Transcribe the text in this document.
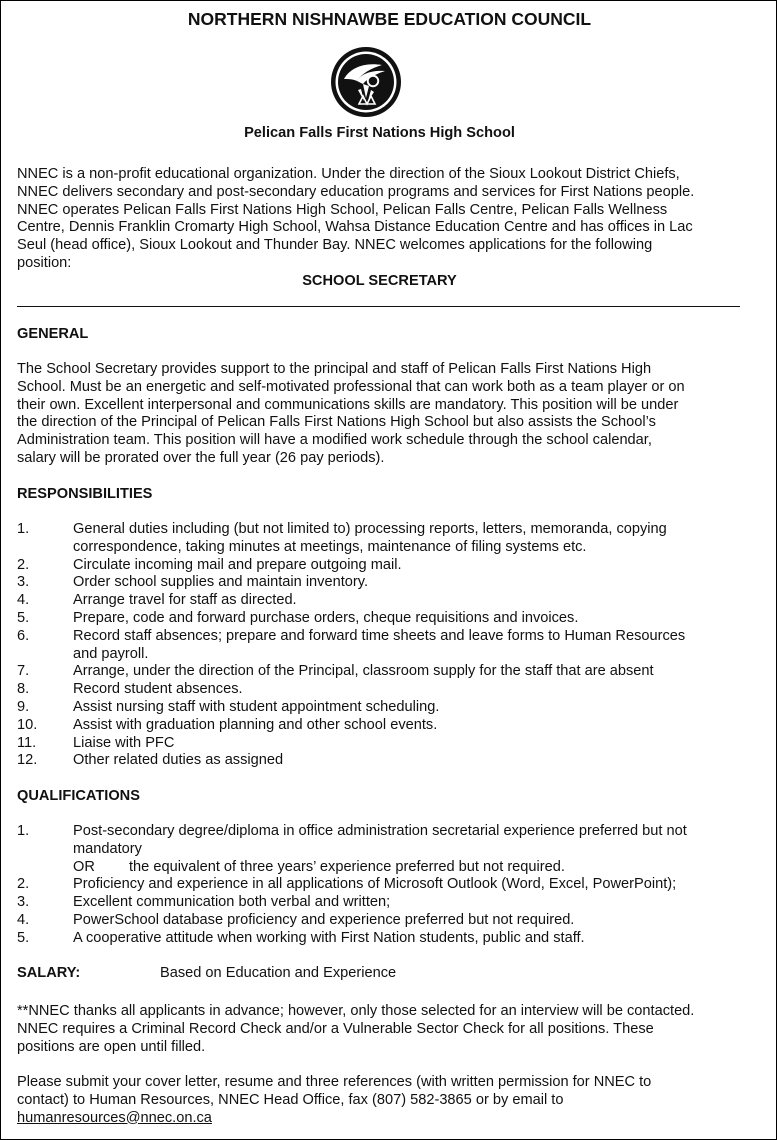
NORTHERN NISHNAWBE EDUCATION COUNCIL
Pelican Falls First Nations High School
NNEC is a non-profit educational organization. Under the direction of the Sioux Lookout District Chiefs,
NNEC delivers secondary and post-secondary education programs and services for First Nations people.
NNEC operates Pelican Falls First Nations High School, Pelican Falls Centre, Pelican Falls Wellness
Centre, Dennis Franklin Cromarty High School, Wahsa Distance Education Centre and has offices in Lac
Seul (head office), Sioux Lookout and Thunder Bay. NNEC welcomes applications for the following
position:
SCHOOL SECRETARY
GENERAL
The School Secretary provides support to the principal and staff of Pelican Falls First Nations High
School. Must be an energetic and self-motivated professional that can work both as a team player or on
their own. Excellent interpersonal and communications skills are mandatory. This position will be under
the direction of the Principal of Pelican Falls First Nations High School but also assists the School’s
Administration team. This position will have a modified work schedule through the school calendar,
salary will be prorated over the full year (26 pay periods).
RESPONSIBILITIES
1.	General duties including (but not limited to) processing reports, letters, memoranda, copying
correspondence, taking minutes at meetings, maintenance of filing systems etc.
2.	Circulate incoming mail and prepare outgoing mail.
3.	Order school supplies and maintain inventory.
4.	Arrange travel for staff as directed.
5.	Prepare, code and forward purchase orders, cheque requisitions and invoices.
6.	Record staff absences; prepare and forward time sheets and leave forms to Human Resources
and payroll.
7.	Arrange, under the direction of the Principal, classroom supply for the staff that are absent
8.	Record student absences.
9.	Assist nursing staff with student appointment scheduling.
10. Assist with graduation planning and other school events.
11.	Liaise with PFC
12. Other related duties as assigned
QUALIFICATIONS
1.	Post-secondary degree/diploma in office administration secretarial experience preferred but not
mandatory
OR the equivalent of three years’ experience preferred but not required.
2.	Proficiency and experience in all applications of Microsoft Outlook (Word, Excel, PowerPoint);
3.	Excellent communication both verbal and written;
4.	PowerSchool database proficiency and experience preferred but not required.
5.	A cooperative attitude when working with First Nation students, public and staff.
SALARY:	Based on Education and Experience
**NNEC thanks all applicants in advance; however, only those selected for an interview will be contacted.
NNEC requires a Criminal Record Check and/or a Vulnerable Sector Check for all positions. These
positions are open until filled.
Please submit your cover letter, resume and three references (with written permission for NNEC to
contact) to Human Resources, NNEC Head Office, fax (807) 582-3865 or by email to
humanresources@nnec.on.ca
